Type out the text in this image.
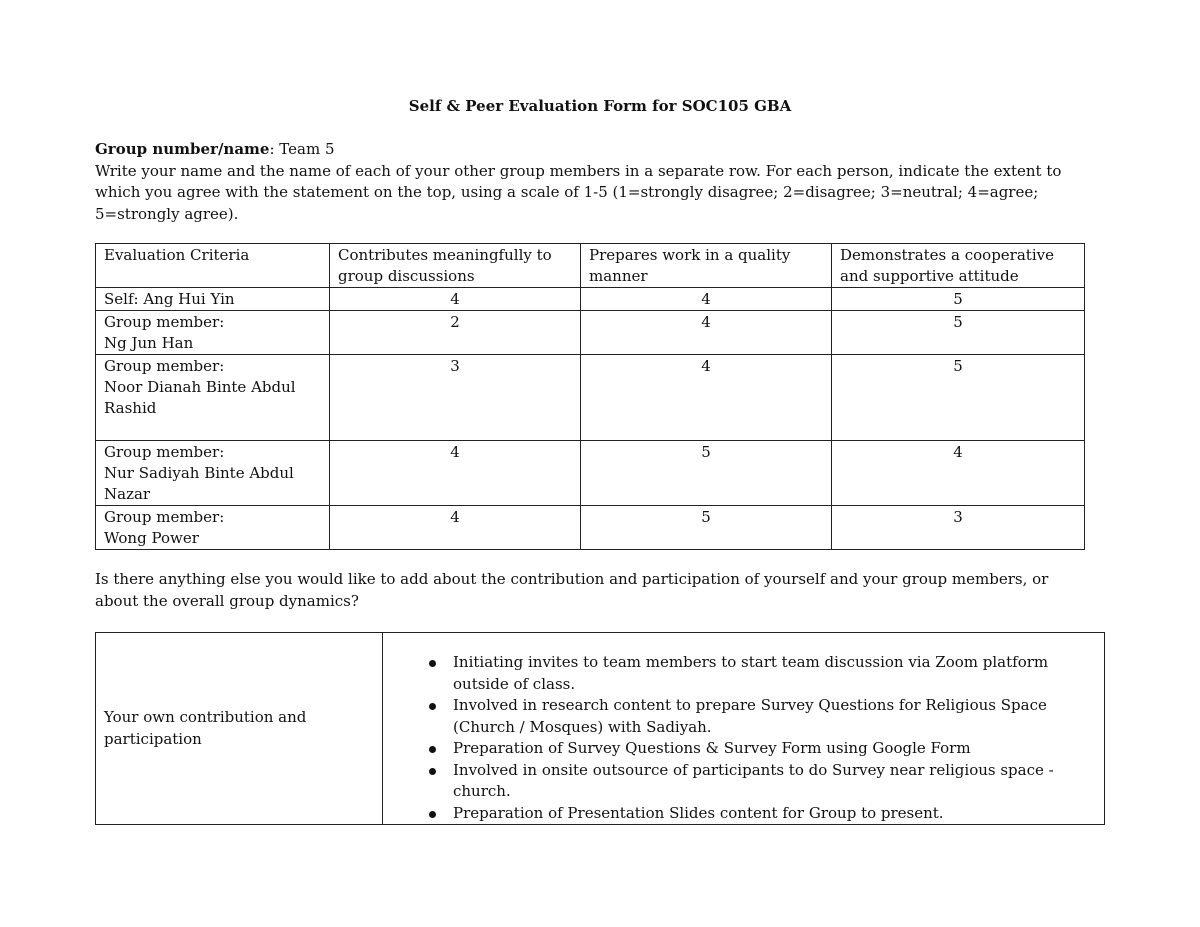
Self & Peer Evaluation Form for SOC105 GBA
Group number/name: Team 5
Write your name and the name of each of your other group members in a separate row. For each person, indicate the extent to which you agree with the statement on the top, using a scale of 1-5 (1=strongly disagree; 2=disagree; 3=neutral; 4=agree; 5=strongly agree).
Evaluation Criteria	Contributes meaningfully to group discussions	Prepares work in a quality manner	Demonstrates a cooperative and supportive attitude

Self: Ang Hui Yin	4	4	5

Group member:
Ng Jun Han	2	4	5

Group member:
Noor Dianah Binte Abdul Rashid	3	4	5

Group member:
Nur Sadiyah Binte Abdul Nazar	4	5	4

Group member:
Wong Power	4	5	3
Is there anything else you would like to add about the contribution and participation of yourself and your group members, or about the overall group dynamics?
Your own contribution and participation	
Initiating invites to team members to start team discussion via Zoom platform outside of class.
Involved in research content to prepare Survey Questions for Religious Space (Church / Mosques) with Sadiyah.
Preparation of Survey Questions & Survey Form using Google Form
Involved in onsite outsource of participants to do Survey near religious space - church.
Preparation of Presentation Slides content for Group to present.
